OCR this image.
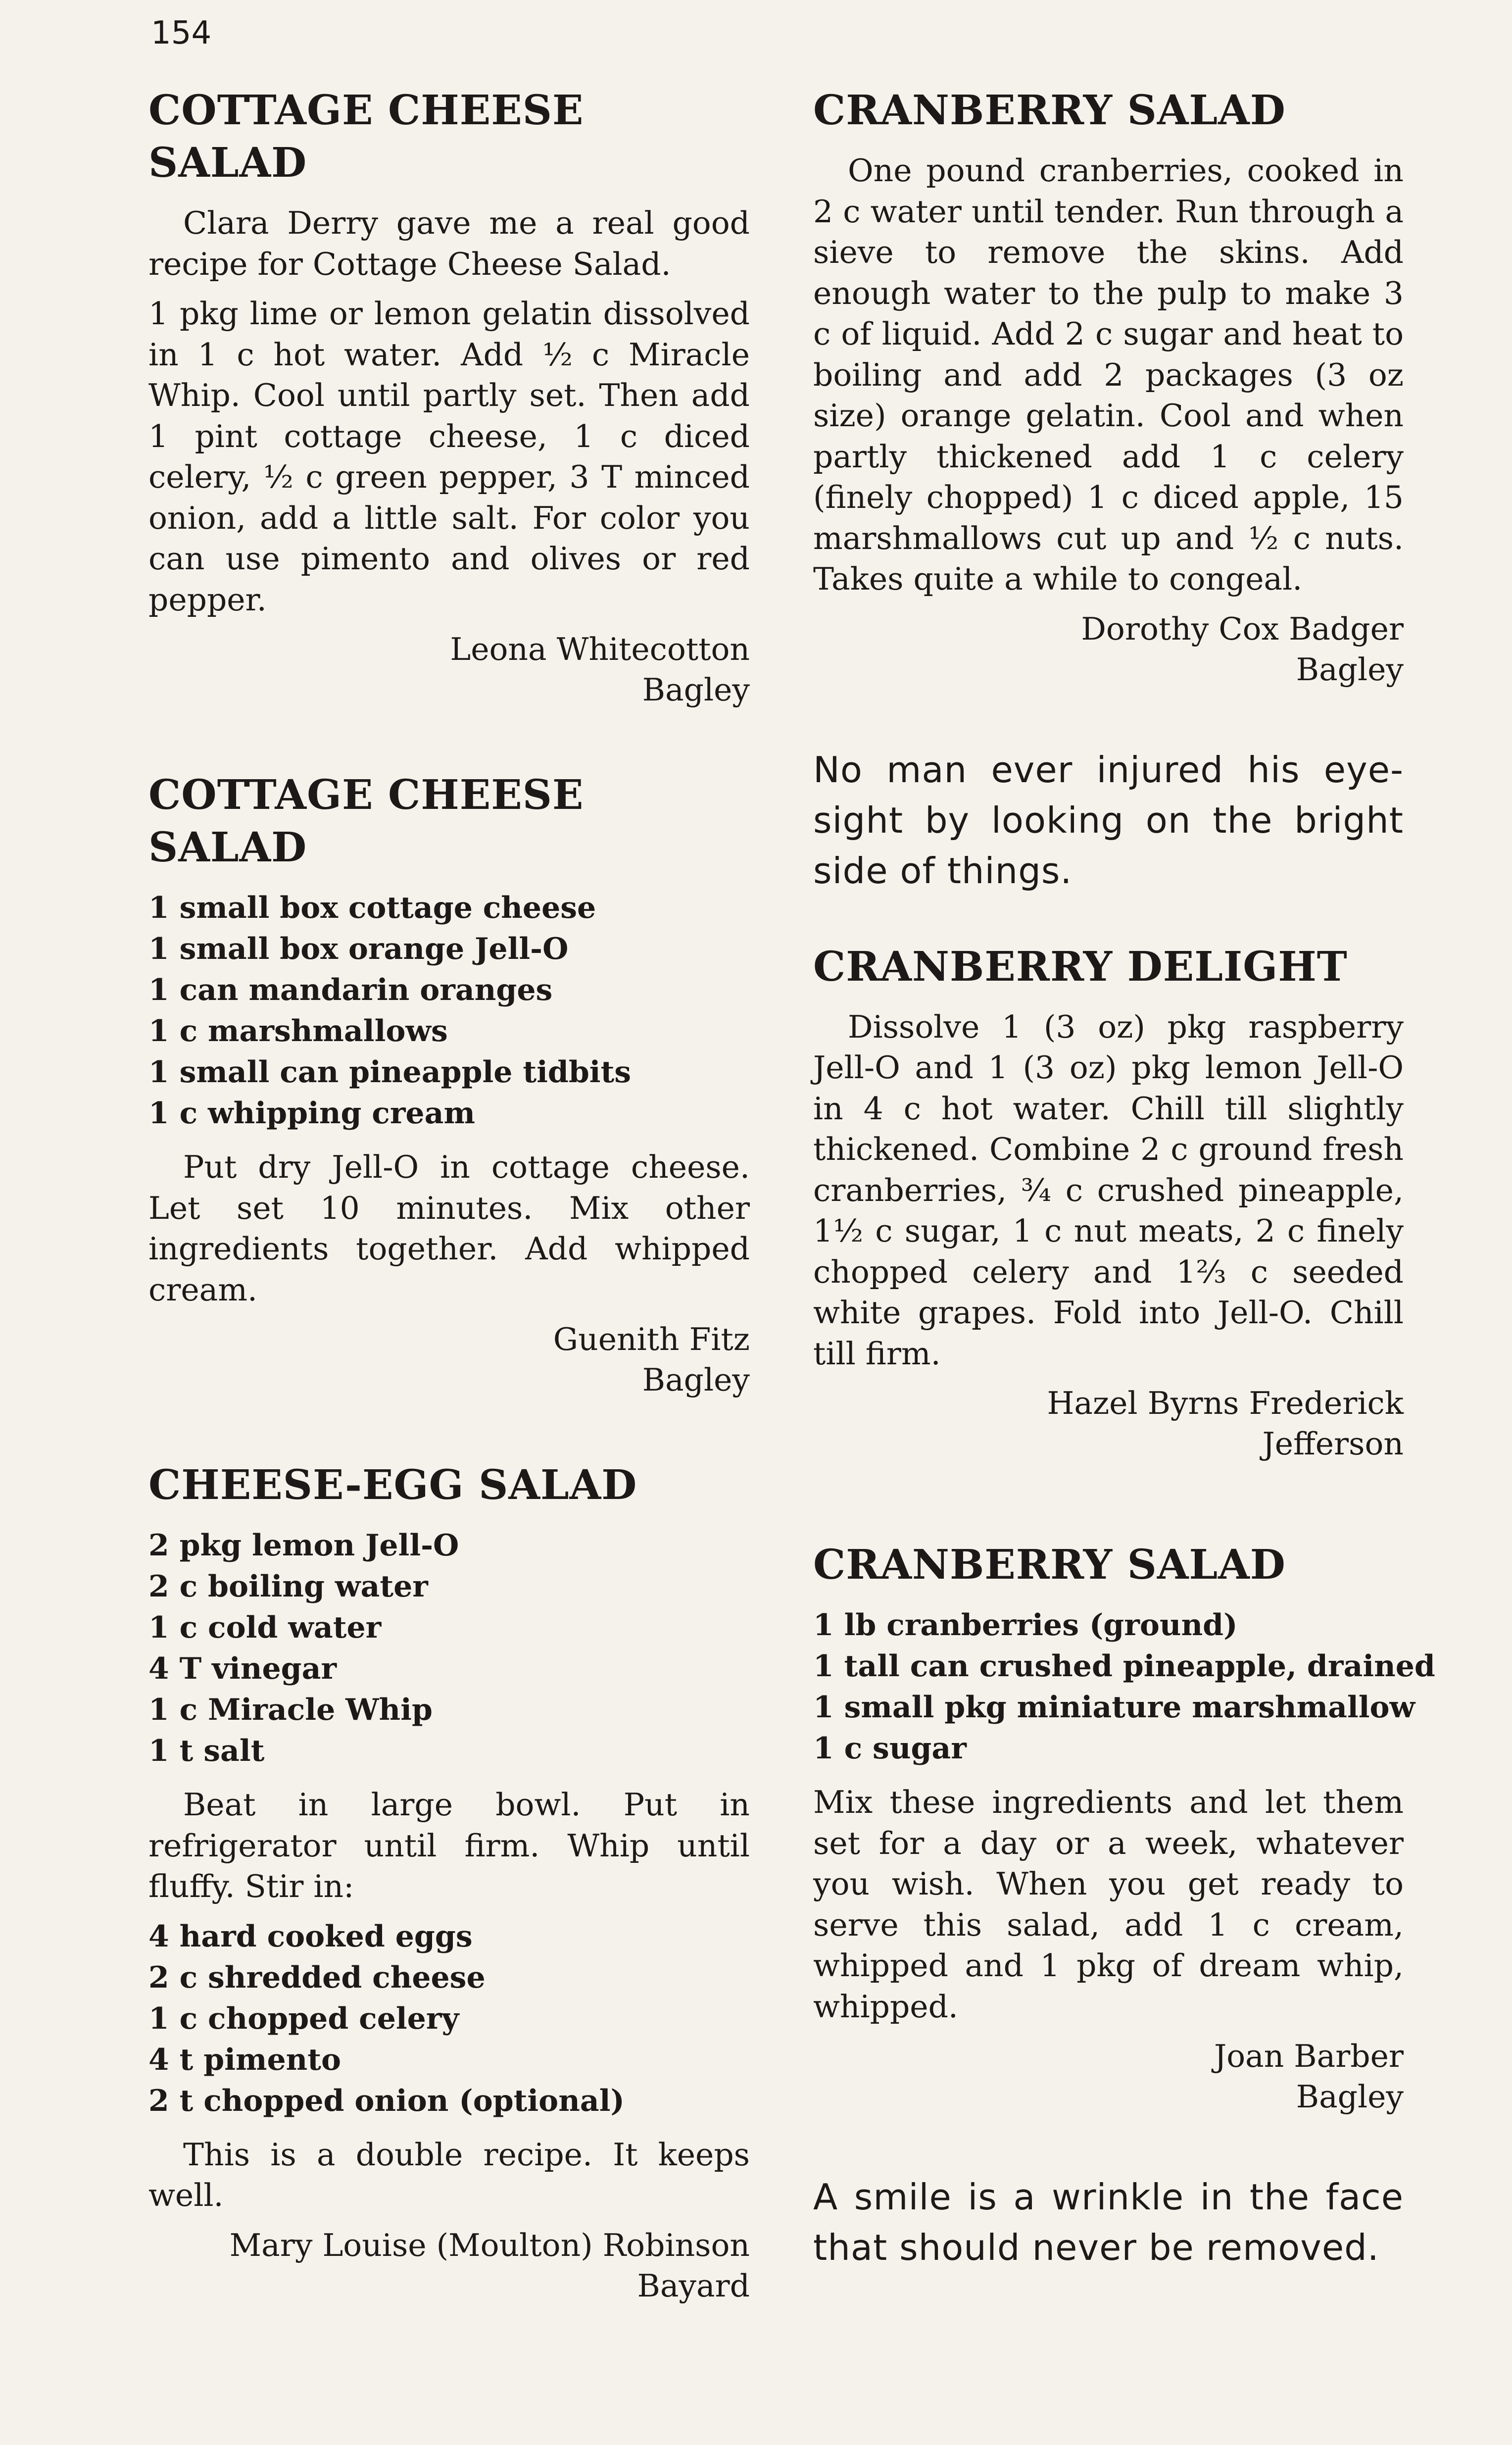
154
COTTAGE CHEESE
SALAD

Clara Derry gave me a real good recipe for Cottage Cheese Salad.

1 pkg lime or lemon gelatin dissolved in 1 c hot water. Add ½ c Miracle Whip. Cool until partly set. Then add 1 pint cottage cheese, 1 c diced celery, ½ c green pepper, 3 T minced onion, add a little salt. For color you can use pimento and olives or red pepper.

Leona Whitecotton
Bagley
COTTAGE CHEESE
SALAD
1 small box cottage cheese
1 small box orange Jell-O
1 can mandarin oranges
1 c marshmallows
1 small can pineapple tidbits
1 c whipping cream

Put dry Jell-O in cottage cheese. Let set 10 minutes. Mix other ingredients together. Add whipped cream.

Guenith Fitz
Bagley
CHEESE-EGG SALAD
2 pkg lemon Jell-O
2 c boiling water
1 c cold water
4 T vinegar
1 c Miracle Whip
1 t salt

Beat in large bowl. Put in refrigerator until firm. Whip until fluffy. Stir in:

4 hard cooked eggs
2 c shredded cheese
1 c chopped celery
4 t pimento
2 t chopped onion (optional)

This is a double recipe. It keeps well.

Mary Louise (Moulton) Robinson
Bayard
CRANBERRY SALAD

One pound cranberries, cooked in 2 c water until tender. Run through a sieve to remove the skins. Add enough water to the pulp to make 3 c of liquid. Add 2 c sugar and heat to boiling and add 2 packages (3 oz size) orange gelatin. Cool and when partly thickened add 1 c celery (finely chopped) 1 c diced apple, 15 marshmallows cut up and ½ c nuts. Takes quite a while to congeal.

Dorothy Cox Badger
Bagley

No man ever injured his eye-sight by looking on the bright side of things.

CRANBERRY DELIGHT

Dissolve 1 (3 oz) pkg raspberry Jell-O and 1 (3 oz) pkg lemon Jell-O in 4 c hot water. Chill till slightly thickened. Combine 2 c ground fresh cranberries, ¾ c crushed pineapple, 1½ c sugar, 1 c nut meats, 2 c finely chopped celery and 1⅔ c seeded white grapes. Fold into Jell-O. Chill till firm.

Hazel Byrns Frederick
Jefferson
CRANBERRY SALAD
1 lb cranberries (ground)
1 tall can crushed pineapple, drained
1 small pkg miniature marshmallow
1 c sugar

Mix these ingredients and let them set for a day or a week, whatever you wish. When you get ready to serve this salad, add 1 c cream, whipped and 1 pkg of dream whip, whipped.

Joan Barber
Bagley

A smile is a wrinkle in the face that should never be removed.
